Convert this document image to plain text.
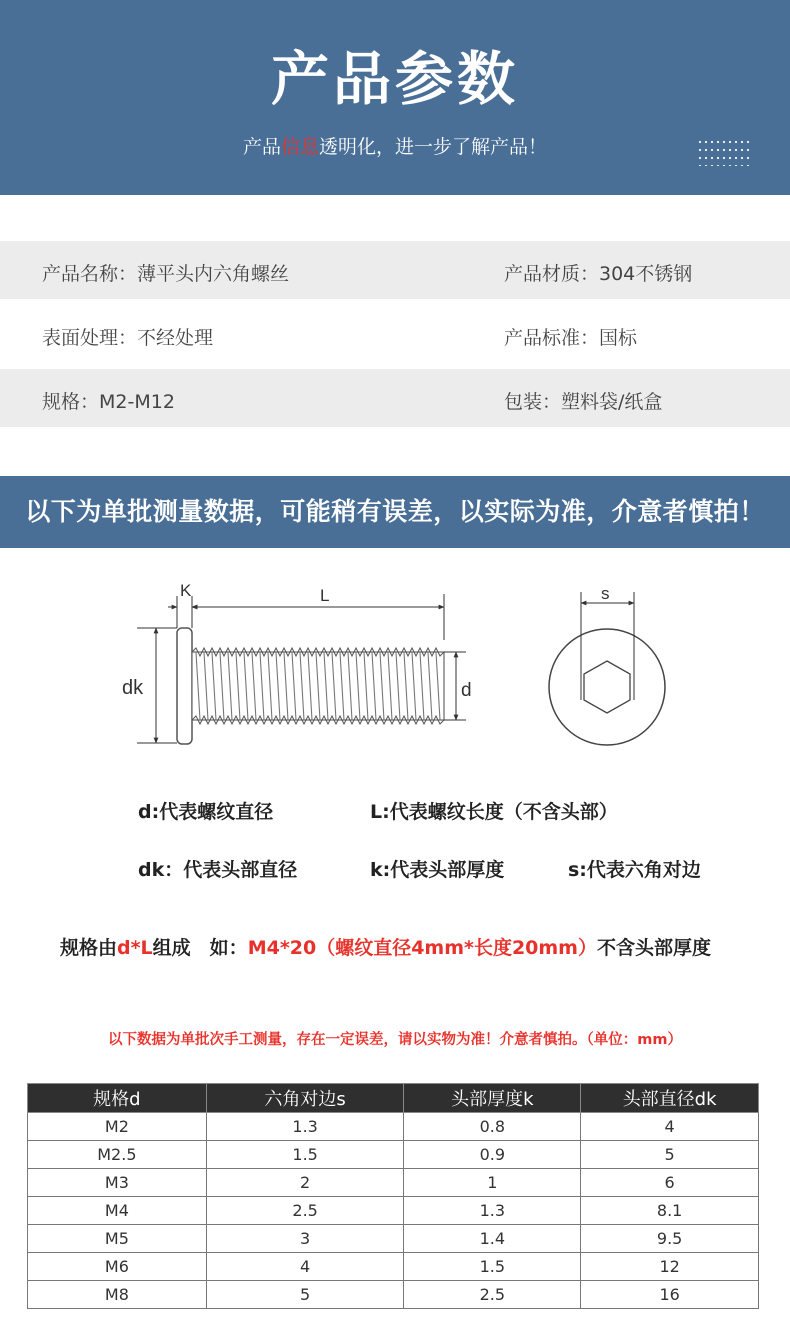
产品参数
产品信息透明化，进一步了解产品！
产品名称：薄平头内六角螺丝	产品材质：304不锈钢
表面处理：不经处理	产品标准：国标
规格：M2-M12	包装：塑料袋/纸盒
以下为单批测量数据，可能稍有误差，以实际为准，介意者慎拍！
K	L
dk	d
s
d:代表螺纹直径	L:代表螺纹长度（不含头部）
dk：代表头部直径	k:代表头部厚度	s:代表六角对边
规格由d*L组成　如：M4*20（螺纹直径4mm*长度20mm）不含头部厚度
以下数据为单批次手工测量，存在一定误差，请以实物为准！介意者慎拍。（单位：mm）
规格d	六角对边s	头部厚度k	头部直径dk
M2	1.3	0.8	4
M2.5	1.5	0.9	5
M3	2	1	6
M4	2.5	1.3	8.1
M5	3	1.4	9.5
M6	4	1.5	12
M8	5	2.5	16
